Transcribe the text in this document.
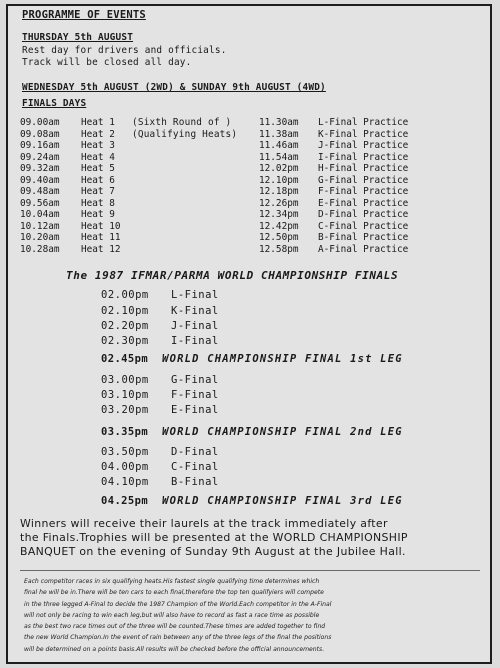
PROGRAMME OF EVENTS
THURSDAY 5th AUGUST
Rest day for drivers and officials.
Track will be closed all day.
WEDNESDAY 5th AUGUST (2WD) & SUNDAY 9th AUGUST (4WD)
FINALS DAYS
09.00am Heat 1
09.08am Heat 2
09.16am Heat 3
09.24am Heat 4
09.32am Heat 5
09.40am Heat 6
09.48am Heat 7
09.56am Heat 8
10.04am Heat 9
10.12am Heat 10
10.20am Heat 11
10.28am Heat 12
(Sixth Round of )
(Qualifying Heats)
11.30am L-Final Practice
11.38am K-Final Practice
11.46am J-Final Practice
11.54am I-Final Practice
12.02pm H-Final Practice
12.10pm G-Final Practice
12.18pm F-Final Practice
12.26pm E-Final Practice
12.34pm D-Final Practice
12.42pm C-Final Practice
12.50pm B-Final Practice
12.58pm A-Final Practice
The 1987 IFMAR/PARMA WORLD CHAMPIONSHIP FINALS
02.00pm L-Final
02.10pm K-Final
02.20pm J-Final
02.30pm I-Final
02.45pm WORLD CHAMPIONSHIP FINAL 1st LEG
03.00pm G-Final
03.10pm F-Final
03.20pm E-Final
03.35pm WORLD CHAMPIONSHIP FINAL 2nd LEG
03.50pm D-Final
04.00pm C-Final
04.10pm B-Final
04.25pm WORLD CHAMPIONSHIP FINAL 3rd LEG
Winners will receive their laurels at the track immediately after
the Finals.Trophies will be presented at the WORLD CHAMPIONSHIP
BANQUET on the evening of Sunday 9th August at the Jubilee Hall.
Each competitor races in six qualifying heats.His fastest single qualifying time determines which
final he will be in.There will be ten cars to each final,therefore the top ten qualifyiers will compete
in the three legged A-Final to decide the 1987 Champion of the World.Each competitor in the A-Final
will not only be racing to win each leg,but will also have to record as fast a race time as possible
as the best two race times out of the three will be counted.These times are added together to find
the new World Champion.In the event of rain between any of the three legs of the final the positions
will be determined on a points basis.All results will be checked before the official announcements.
